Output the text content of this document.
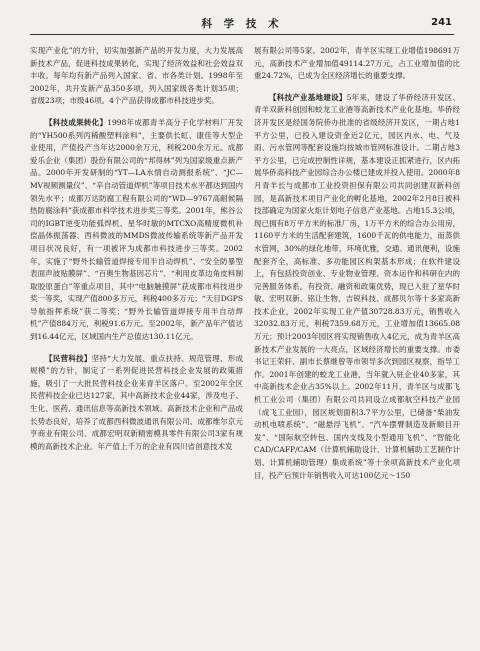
科 学 技 术	241

实现产业化”的方针，切实加强新产品的开发力度，大力发展高新技术产品，促进科技成果转化，实现了经济效益和社会效益双丰收。每年均有新产品列入国家、省、市各类计划。1998年至2002年，共开发新产品350多项，列入国家级各类计划35项；省级23项；市级46项。4个产品获得成都市科技进步奖。

【科技成果转化】1998年成都青羊高分子化学材料厂开发的“YH500系列丙稀酸塑料涂料”，主要供长虹、康佳等大型企业使用，产值投产当年达2000余万元，利税200余万元。成都爱乐企业（集团）股份有限公司的“邦得林”列为国家级重点新产品。2000年开发研制的“YT—LA水情自动测报系统”、“JC—MV视频测量仪”、“辛自动管道焊机”等项目技术水平都达到国内领先水平；成都万达防腐工程有限公司的“WD—9767高耐候隔热防腐涂料”获成都市科学技术进步奖三等奖。2001年，熊谷公司的IGBT逆变功能弧焊机、星华时敏的MTCXO高精度微机补偿晶体振荡器、西科微波的MMDS微波传输系统等新产品开发项目状况良好，有一项被评为成都市科技进步三等奖。2002年，实施了“野外长输管道焊接专用半自动焊机”、“安全防暴型表面声波贴膜屏”、“百奥生物基因芯片”、“利用皮革边角皮料制取胶原蛋白”等重点项目，其中“电脑触摸屏”获成都市科技进步奖一等奖，实现产值800多万元，利税400多万元；“天目DGPS导航指挥系统”获二等奖；“野外长输管道焊接专用半自动焊机”产值884万元，利税91.6万元。至2002年，新产品年产值达到16.44亿元，区域国内生产总值达130.11亿元。

【民营科技】坚持“大力发展、重点扶持、规范管理、形成规模”的方针，制定了一系列促进民营科技企业发展的政策措施，吸引了一大批民营科技企业来青羊区落户。至2002年全区民营科技企业已达127家，其中高新技术企业44家，涉及电子、生化、医药、通讯信息等高新技术领域。高新技术企业和产品成长势态良好，培养了成都西科微波通讯有限公司、成都维尔京元亨商业有限公司、成都宏明双新精密模具零件有限公司3家有规模的高新技术企业。年产值上千万的企业有四川省创意技术发

展有限公司等5家。2002年，青羊区实现工业增值198691万元，高新技术产业增加值49114.27万元，占工业增加值的比重24.72%，已成为全区经济增长的重要支撑。

【科技产业基地建设】5年来，建设了华侨经济开发区、青羊双新科创园和蛟龙工业港等高新技术产业化基地。华侨经济开发区是经国务院侨办批准的省级经济开发区，一期占地1平方公里，已投入建设资金近2亿元，园区内水、电、气及雨、污水管网等配套设施均按城市管网标准设计。二期占地3平方公里，已完成控制性详规，基本建设正抓紧进行，区内拓展华侨高科技产业园综合办公楼已建成并投入使用。2000年8月青羊长与成都市工业投资担保有限公司共同创建双新科创园，是高新技术项目产业化的孵化基地，2002年2月8日被科技部确定为国家火炬计划电子信息产业基地。占地15.3公顷，现已拥有8万平方米的标准厂房，1万平方米的综合办公用房，1160平方米的生活配套建筑，1600千瓦的供电能力，而蒸供水管网，30%的绿化地带，环境优雅，交通、通讯便利，设施配套齐全，高标准、多功能园区构架基本形成；在软件建设上，有包括投资创业、专业物业管理、资本运作和科研在内的完善服务体系。有投资、融资和政策优势，现已入驻了星华时敏、宏明双新、铭让生物、吉锐科技、成都贝尔等十多家高新技术企业，2002年实现工业产值30728.83万元，销售收入32032.83万元，利税7359.68万元，工业增加值13665.08万元；预计2003年园区将实现销售收入4亿元，成为青羊区高新技术产业发展的一大亮点，区域经济增长的重要支撑。市委书记王荣轩、副市长蔡继曾等市领导多次到园区视察，指导工作。2001年创建的蛟龙工业港，当年就入驻企业40多家，其中高新技术企业占35%以上。2002年11月，青羊区与成都飞机工业公司（集团）有限公司共同设立成都航空科技产业园（成飞工业园），园区规划面积3.7平方公里，已储备“柴油发动机电喷系统”、“磁悬浮飞机”、“汽车摆臂制造及新顺目开发”、“国际航空转包、国内支线及小型通用飞机”、“智能化CAD/CAFP/CAM（计算机辅助设计、计算机辅助工艺制作计划、计算机辅助管理）集成系统”等十余项高新技术产业化项目，投产后预计年销售收入可达100亿元～150
